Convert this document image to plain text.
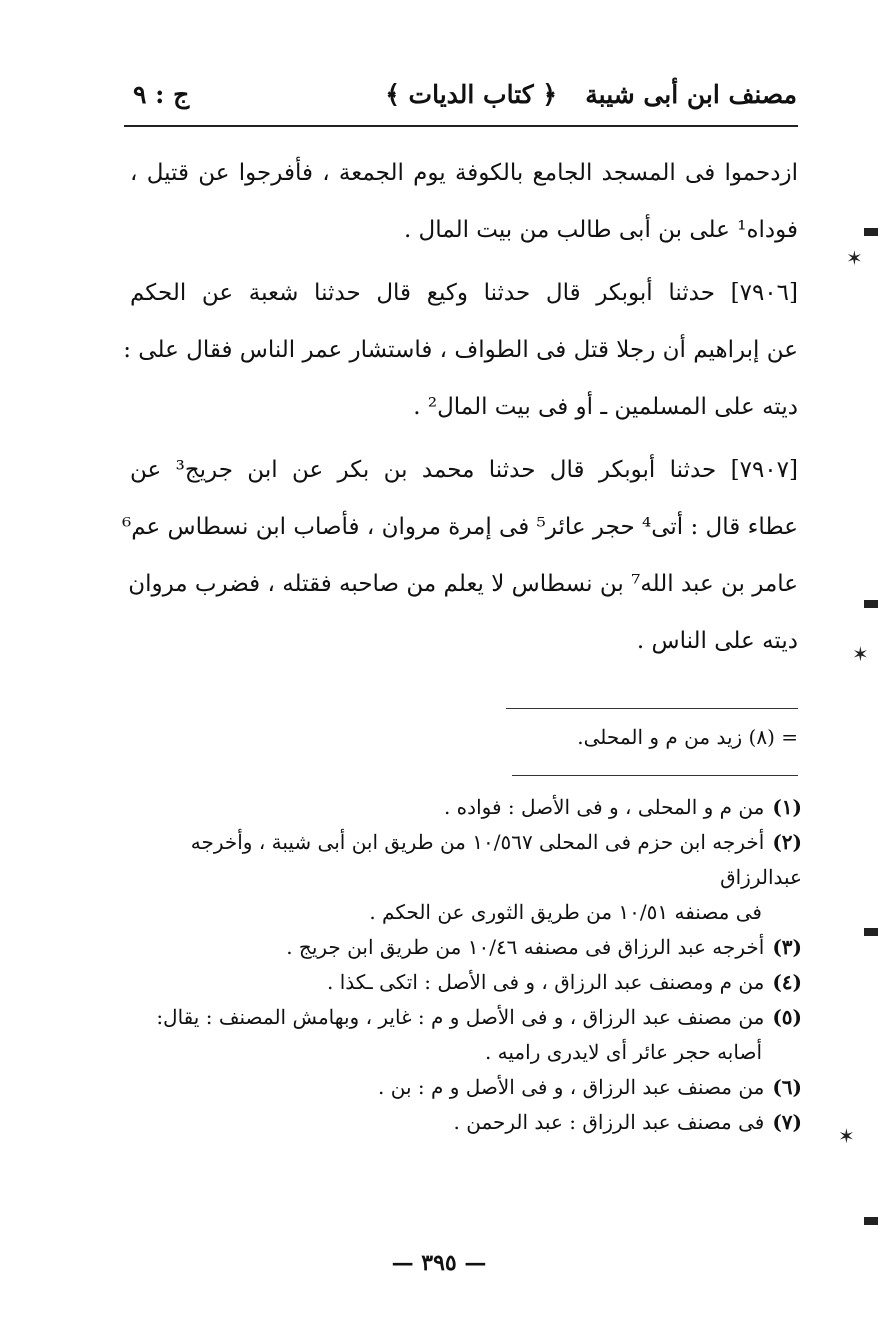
مصنف ابن أبى شيبة
﴿ كتاب الديات ﴾
ج : ٩
ازدحموا فى المسجد الجامع بالكوفة يوم الجمعة ، فأفرجوا عن قتيل ،
فوداه¹ على بن أبى طالب من بيت المال .
[٧٩٠٦] حدثنا أبوبكر قال حدثنا وكيع قال حدثنا شعبة عن الحكم
عن إبراهيم أن رجلا قتل فى الطواف ، فاستشار عمر الناس فقال على :
ديته على المسلمين ـ أو فى بيت المال² .
[٧٩٠٧] حدثنا أبوبكر قال حدثنا محمد بن بكر عن ابن جريج³ عن
عطاء قال : أتى⁴ حجر عائر⁵ فى إمرة مروان ، فأصاب ابن نسطاس عم⁶
عامر بن عبد الله⁷ بن نسطاس لا يعلم من صاحبه فقتله ، فضرب مروان
ديته على الناس .
= (٨) زيد من م و المحلى.
(١)من م و المحلى ، و فى الأصل : فواده .
(٢)أخرجه ابن حزم فى المحلى ١٠/٥٦٧ من طريق ابن أبى شيبة ، وأخرجه عبدالرزاق
فى مصنفه ١٠/٥١ من طريق الثورى عن الحكم .
(٣)أخرجه عبد الرزاق فى مصنفه ١٠/٤٦ من طريق ابن جريج .
(٤)من م ومصنف عبد الرزاق ، و فى الأصل : اتكى ـكذا .
(٥)من مصنف عبد الرزاق ، و فى الأصل و م : غاير ، وبهامش المصنف : يقال:
أصابه حجر عائر أى لايدرى راميه .
(٦)من مصنف عبد الرزاق ، و فى الأصل و م : بن .
(٧)فى مصنف عبد الرزاق : عبد الرحمن .
— ٣٩٥ —
✶
✶
✶
